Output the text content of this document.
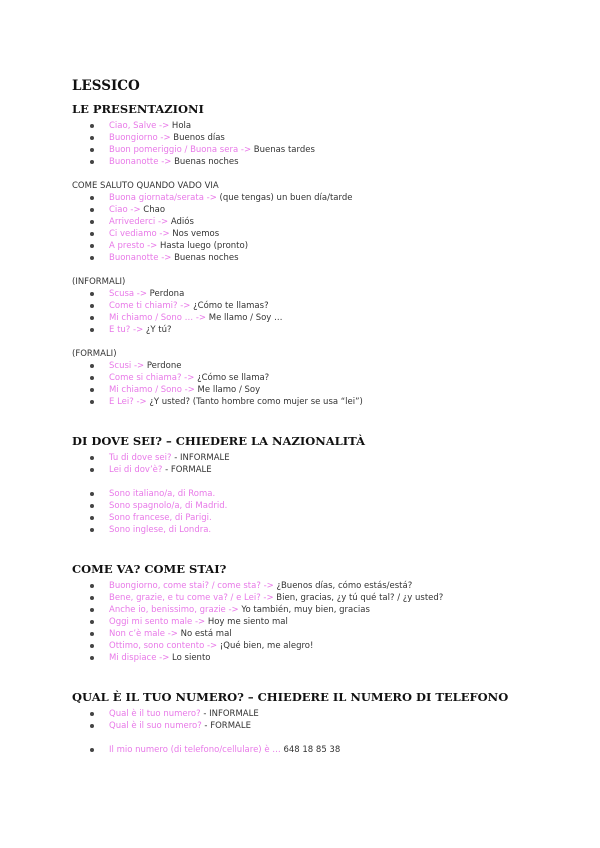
LESSICO
LE PRESENTAZIONI
Ciao, Salve -> Hola
Buongiorno -> Buenos días
Buon pomeriggio / Buona sera -> Buenas tardes
Buonanotte -> Buenas noches
COME SALUTO QUANDO VADO VIA
Buona giornata/serata -> (que tengas) un buen día/tarde
Ciao -> Chao
Arrivederci -> Adiós
Ci vediamo -> Nos vemos
A presto -> Hasta luego (pronto)
Buonanotte -> Buenas noches
(INFORMALI)
Scusa -> Perdona
Come ti chiami? -> ¿Cómo te llamas?
Mi chiamo / Sono … -> Me llamo / Soy …
E tu? -> ¿Y tú?
(FORMALI)
Scusi -> Perdone
Come si chiama? -> ¿Cómo se llama?
Mi chiamo / Sono -> Me llamo / Soy
E Lei? -> ¿Y usted? (Tanto hombre como mujer se usa “lei”)
DI DOVE SEI? – CHIEDERE LA NAZIONALITÀ
Tu di dove sei? - INFORMALE
Lei di dov’è? - FORMALE
Sono italiano/a, di Roma.
Sono spagnolo/a, di Madrid.
Sono francese, di Parigi.
Sono inglese, di Londra.
COME VA? COME STAI?
Buongiorno, come stai? / come sta? -> ¿Buenos días, cómo estás/está?
Bene, grazie, e tu come va? / e Lei? -> Bien, gracias, ¿y tú qué tal? / ¿y usted?
Anche io, benissimo, grazie -> Yo también, muy bien, gracias
Oggi mi sento male -> Hoy me siento mal
Non c’è male -> No está mal
Ottimo, sono contento -> ¡Qué bien, me alegro!
Mi dispiace -> Lo siento
QUAL È IL TUO NUMERO? – CHIEDERE IL NUMERO DI TELEFONO
Qual è il tuo numero? - INFORMALE
Qual è il suo numero? - FORMALE
Il mio numero (di telefono/cellulare) è … 648 18 85 38
